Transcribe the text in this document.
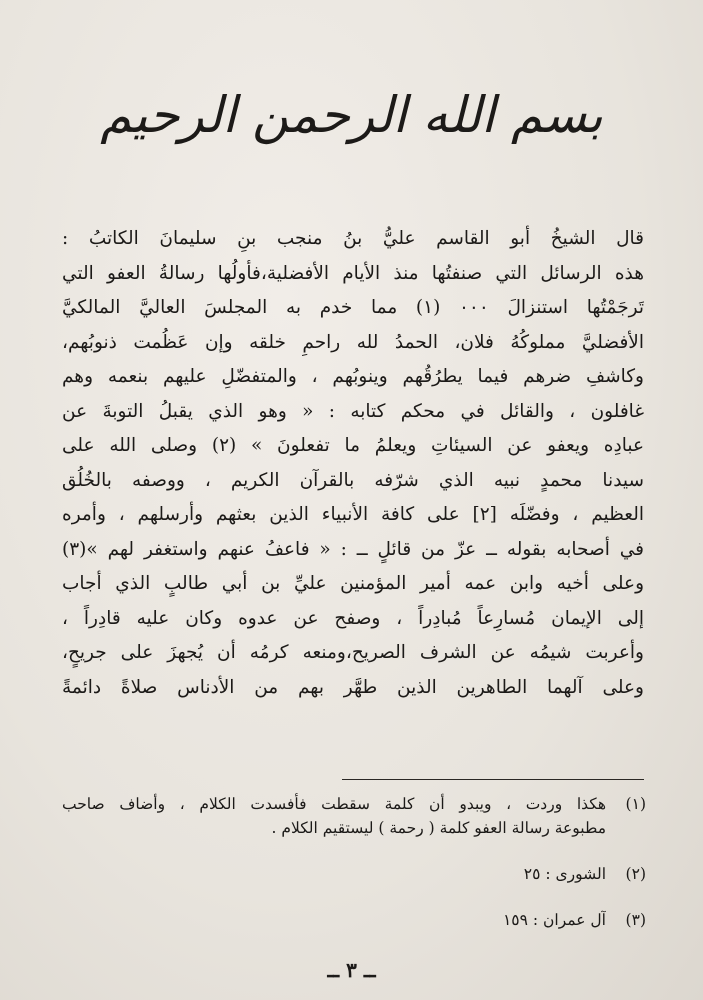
بسم الله الرحمن الرحيم
قال الشيخُ أبو القاسم عليُّ بنُ منجب بنِ سليمانَ الكاتبُ :
هذه الرسائل التي صنفتُها منذ الأيام الأفضلية،فأولُها رسالةُ العفو التي
تَرجَمْتُها استنزالَ ٠٠٠ (١) مما خدم به المجلسَ العاليَّ المالكيَّ
الأفضليَّ مملوكُهُ فلان، الحمدُ لله راحمِ خلقه وإن عَظُمت ذنوبُهم،
وكاشفِ ضرهم فيما يطرُقُهم وينوبُهم ، والمتفضّلِ عليهم بنعمه وهم
غافلون ، والقائل في محكم كتابه : « وهو الذي يقبلُ التوبةَ عن
عبادِه ويعفو عن السيئاتِ ويعلمُ ما تفعلونَ » (٢) وصلى الله على
سيدنا محمدٍ نبيه الذي شرّفه بالقرآن الكريم ، ووصفه بالخُلُق
العظيم ، وفضّلَه [٢] على كافة الأنبياء الذين بعثهم وأرسلهم ، وأمره
في أصحابه بقوله ــ عزّ من قائلٍ ــ : « فاعفُ عنهم واستغفر لهم »(٣)
وعلى أخيه وابن عمه أمير المؤمنين عليِّ بن أبي طالبٍ الذي أجاب
إلى الإيمان مُسارِعاً مُبادِراً ، وصفح عن عدوه وكان عليه قادِراً ،
وأعربت شيمُه عن الشرف الصريح،ومنعه كرمُه أن يُجهزَ على جريحٍ،
وعلى آلهما الطاهرين الذين طهَّر بهم من الأدناس صلاةً دائمةً
(١)
هكذا وردت ، ويبدو أن كلمة سقطت فأفسدت الكلام ، وأضاف صاحب
مطبوعة رسالة العفو كلمة ( رحمة ) ليستقيم الكلام .
(٢)
الشورى : ٢٥
(٣)
آل عمران : ١٥٩
ــ ٣ ــ
